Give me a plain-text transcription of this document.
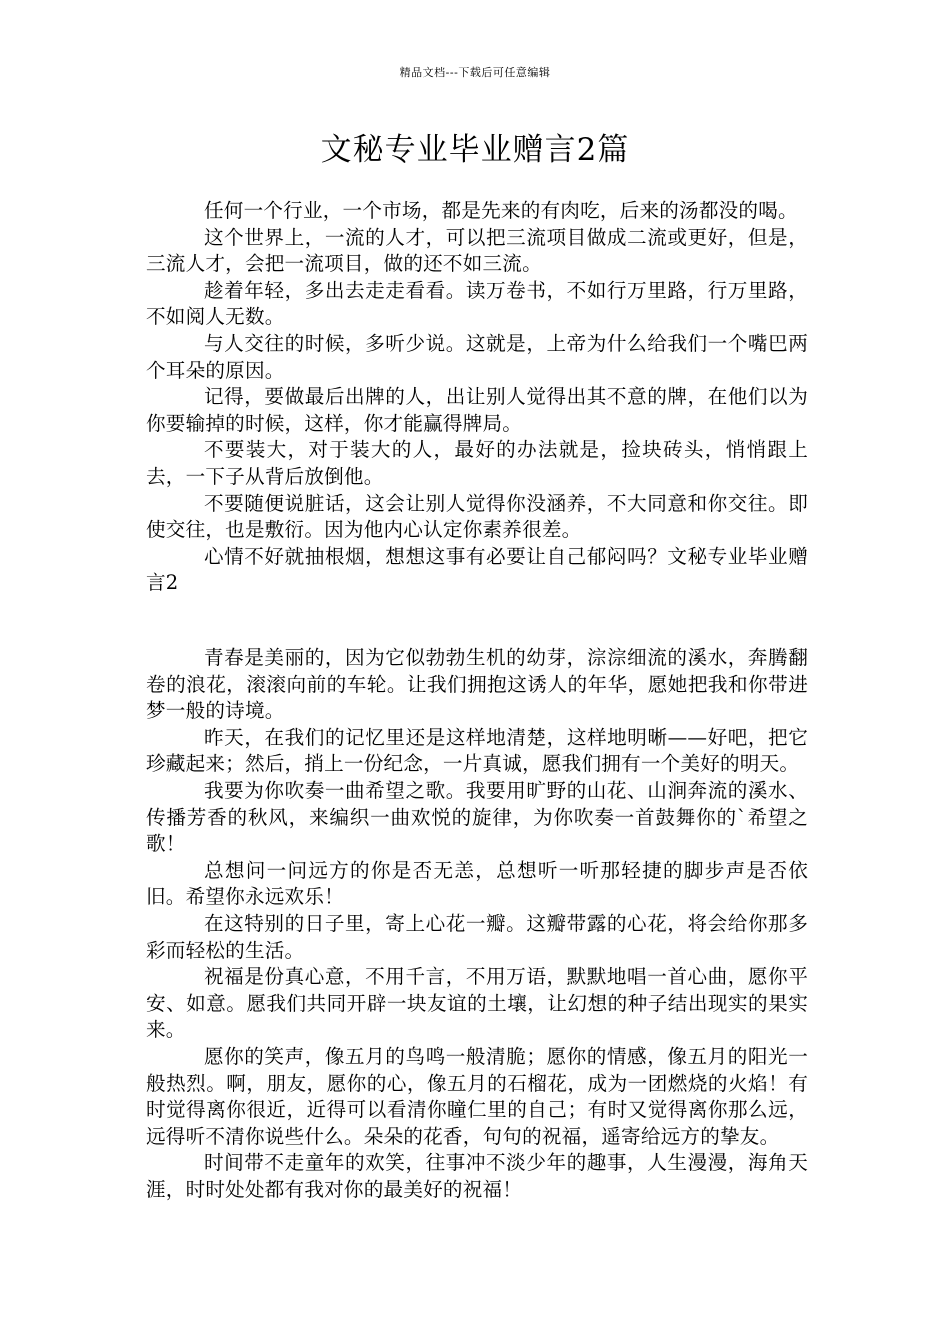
精品文档---下载后可任意编辑
文秘专业毕业赠言2篇

任何一个行业，一个市场，都是先来的有肉吃，后来的汤都没的喝。

这个世界上，一流的人才，可以把三流项目做成二流或更好，但是，三流人才，会把一流项目，做的还不如三流。

趁着年轻，多出去走走看看。读万卷书，不如行万里路，行万里路，不如阅人无数。

与人交往的时候，多听少说。这就是，上帝为什么给我们一个嘴巴两个耳朵的原因。

记得，要做最后出牌的人，出让别人觉得出其不意的牌，在他们以为你要输掉的时候，这样，你才能赢得牌局。

不要装大，对于装大的人，最好的办法就是，捡块砖头，悄悄跟上去，一下子从背后放倒他。

不要随便说脏话，这会让别人觉得你没涵养，不大同意和你交往。即使交往，也是敷衍。因为他内心认定你素养很差。

心情不好就抽根烟，想想这事有必要让自己郁闷吗？文秘专业毕业赠言2

青春是美丽的，因为它似勃勃生机的幼芽，淙淙细流的溪水，奔腾翻卷的浪花，滚滚向前的车轮。让我们拥抱这诱人的年华，愿她把我和你带进梦一般的诗境。

昨天，在我们的记忆里还是这样地清楚，这样地明晰——好吧，把它珍藏起来；然后，捎上一份纪念，一片真诚，愿我们拥有一个美好的明天。

我要为你吹奏一曲希望之歌。我要用旷野的山花、山涧奔流的溪水、传播芳香的秋风，来编织一曲欢悦的旋律，为你吹奏一首鼓舞你的`希望之歌！

总想问一问远方的你是否无恙，总想听一听那轻捷的脚步声是否依旧。希望你永远欢乐！

在这特别的日子里，寄上心花一瓣。这瓣带露的心花，将会给你那多彩而轻松的生活。

祝福是份真心意，不用千言，不用万语，默默地唱一首心曲，愿你平安、如意。愿我们共同开辟一块友谊的土壤，让幻想的种子结出现实的果实来。

愿你的笑声，像五月的鸟鸣一般清脆；愿你的情感，像五月的阳光一般热烈。啊，朋友，愿你的心，像五月的石榴花，成为一团燃烧的火焰！有时觉得离你很近，近得可以看清你瞳仁里的自己；有时又觉得离你那么远，远得听不清你说些什么。朵朵的花香，句句的祝福，遥寄给远方的挚友。

时间带不走童年的欢笑，往事冲不淡少年的趣事，人生漫漫，海角天涯，时时处处都有我对你的最美好的祝福！
